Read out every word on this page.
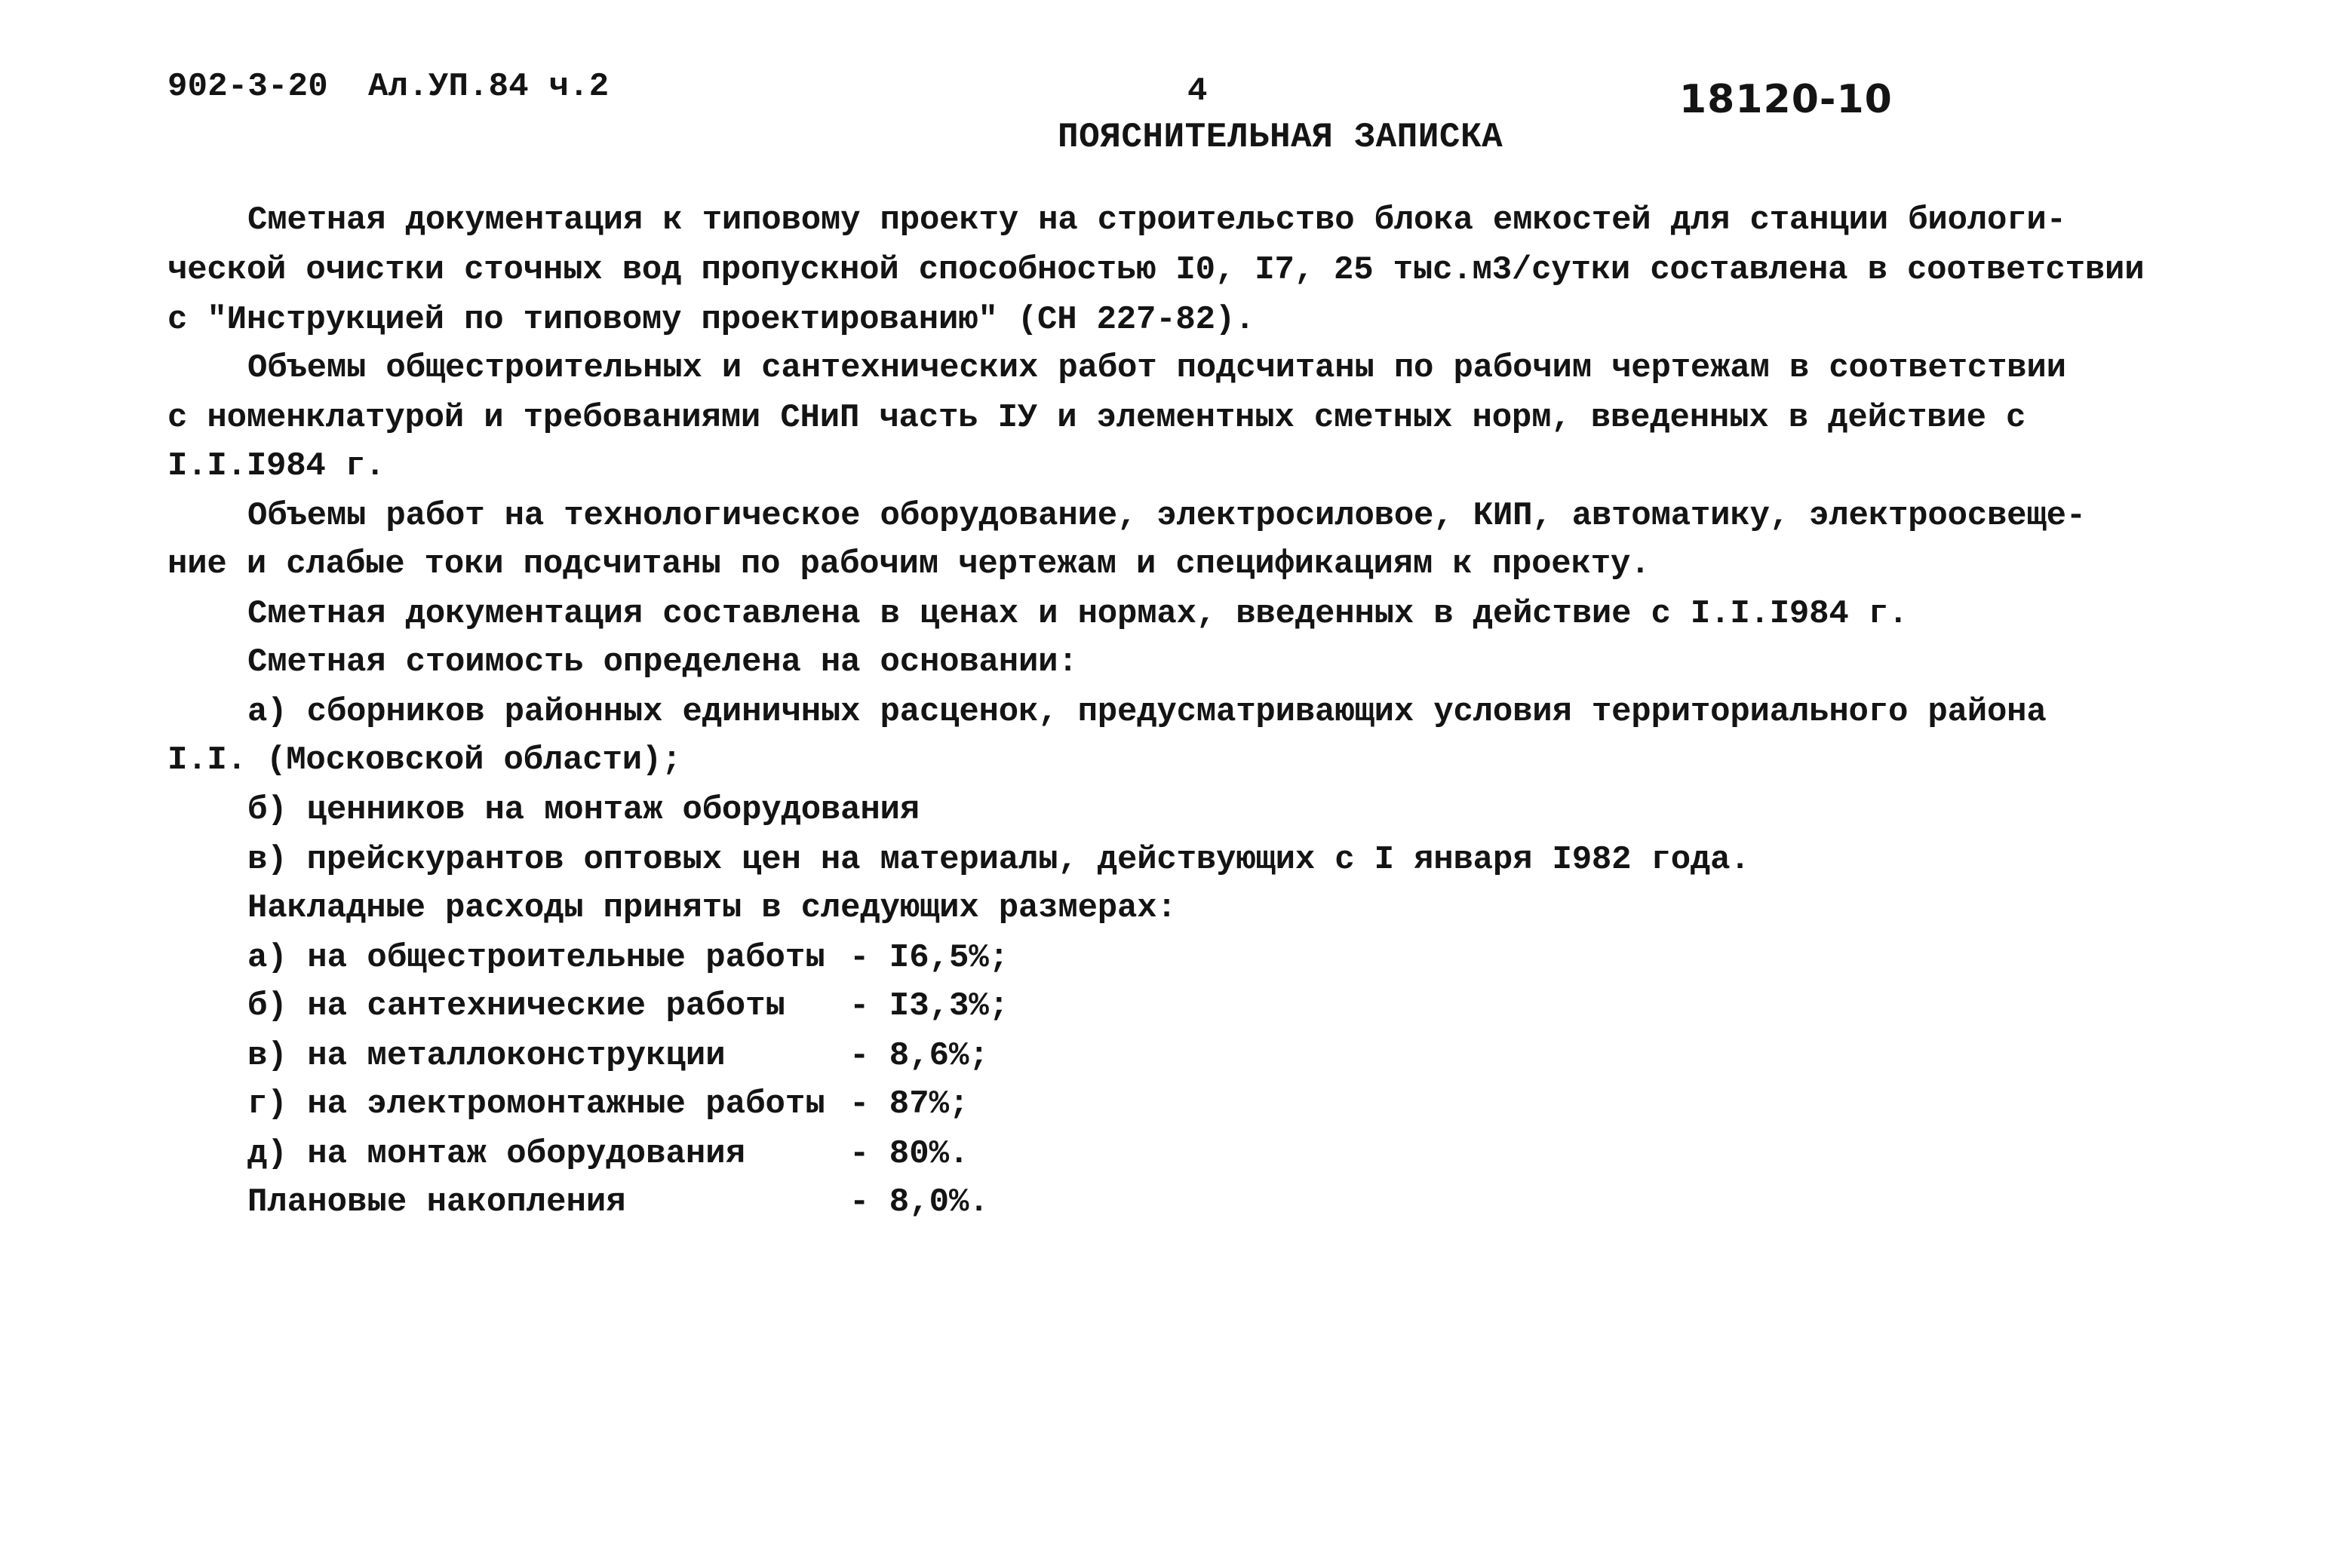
902-3-20  Ал.УП.84 ч.2	4
ПОЯСНИТЕЛЬНАЯ ЗАПИСКА
18120-10
Сметная документация к типовому проекту на строительство блока емкостей для станции биологи-
ческой очистки сточных вод пропускной способностью I0, I7, 25 тыс.м3/сутки составлена в соответствии
с "Инструкцией по типовому проектированию" (СН 227-82).
Объемы общестроительных и сантехнических работ подсчитаны по рабочим чертежам в соответствии
с номенклатурой и требованиями СНиП часть IУ и элементных сметных норм, введенных в действие с
I.I.I984 г.
Объемы работ на технологическое оборудование, электросиловое, КИП, автоматику, электроосвеще-
ние и слабые токи подсчитаны по рабочим чертежам и спецификациям к проекту.
Сметная документация составлена в ценах и нормах, введенных в действие с I.I.I984 г.
Сметная стоимость определена на основании:
а) сборников районных единичных расценок, предусматривающих условия территориального района
I.I. (Московской области);
б) ценников на монтаж оборудования
в) прейскурантов оптовых цен на материалы, действующих с I января I982 года.
Накладные расходы приняты в следующих размерах:
а) на общестроительные работы - I6,5%;
б) на сантехнические работы - I3,3%;
в) на металлоконструкции	- 8,6%;
г) на электромонтажные работы - 87%;
д) на монтаж оборудования	- 80%.
Плановые накопления	- 8,0%.
